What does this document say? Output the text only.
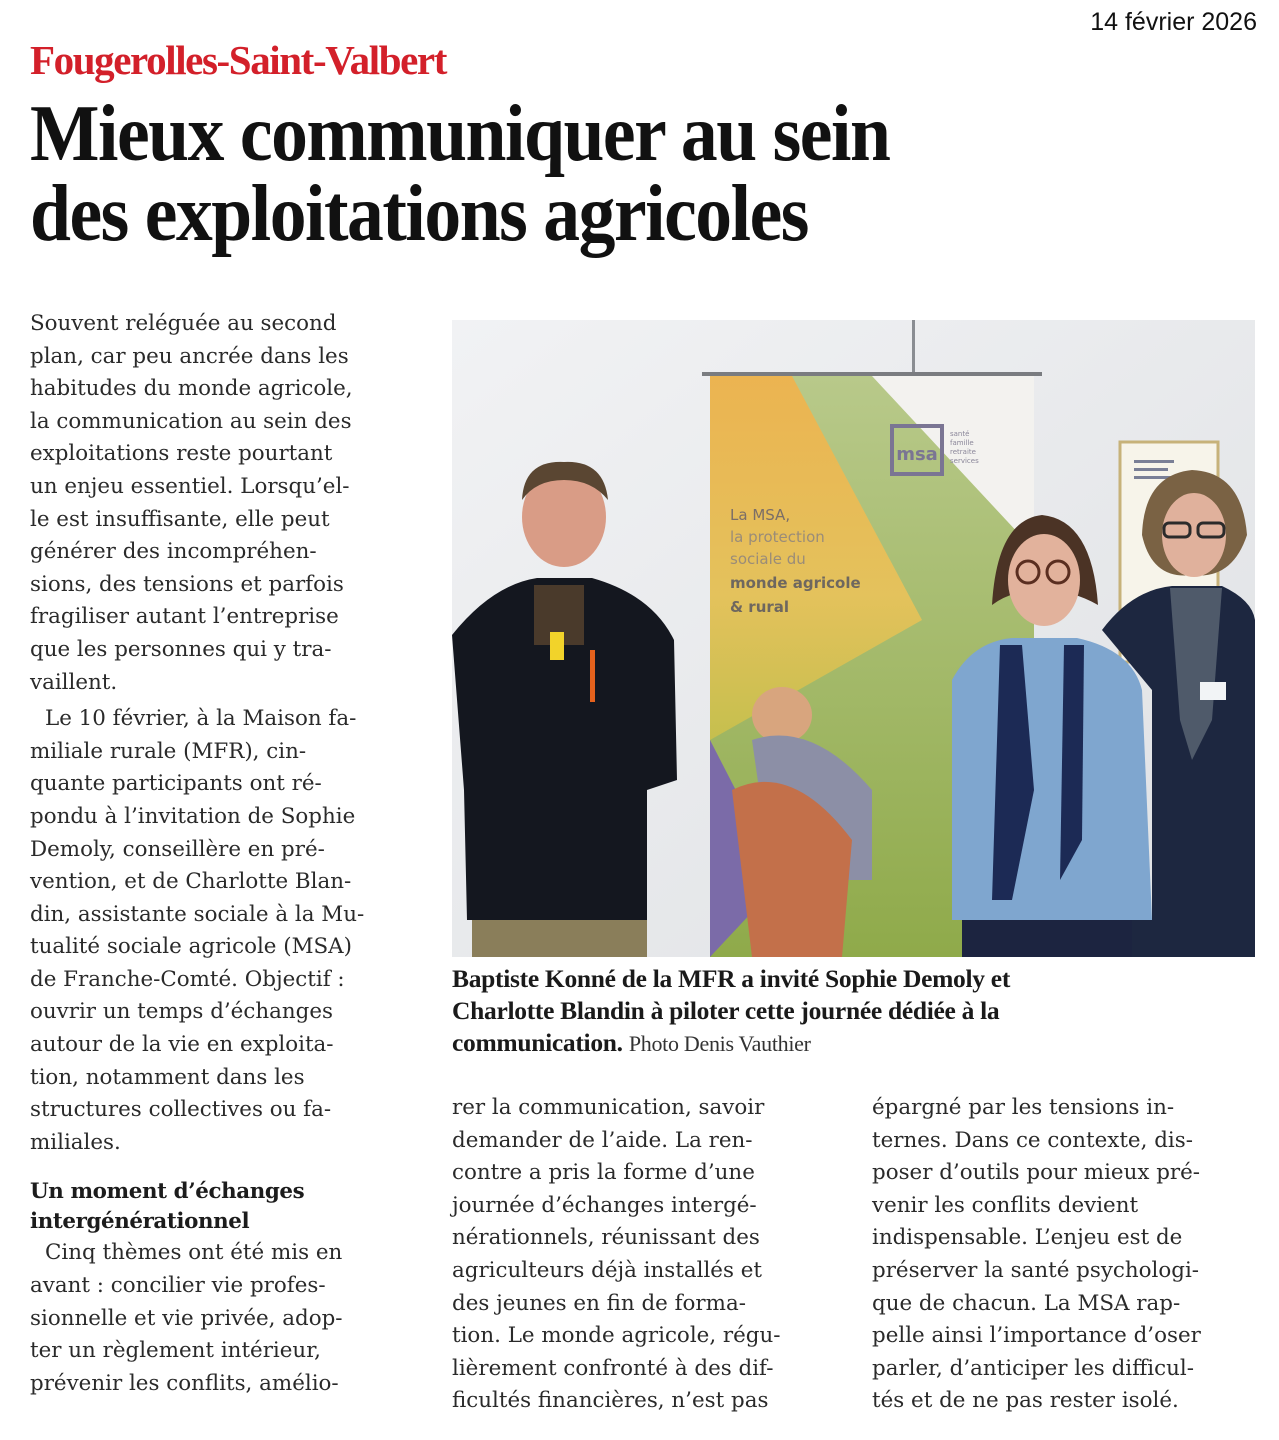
14 février 2026
Fougerolles-Saint-Valbert
Mieux communiquer au sein
des exploitations agricoles
Souvent reléguée au second
plan, car peu ancrée dans les
habitudes du monde agricole,
la communication au sein des
exploitations reste pourtant
un enjeu essentiel. Lorsqu’el-
le est insuffisante, elle peut
générer des incompréhen-
sions, des tensions et parfois
fragiliser autant l’entreprise
que les personnes qui y tra-
vaillent.
Le 10 février, à la Maison fa-
miliale rurale (MFR), cin-
quante participants ont ré-
pondu à l’invitation de Sophie
Demoly, conseillère en pré-
vention, et de Charlotte Blan-
din, assistante sociale à la Mu-
tualité sociale agricole (MSA)
de Franche-Comté. Objectif :
ouvrir un temps d’échanges
autour de la vie en exploita-
tion, notamment dans les
structures collectives ou fa-
miliales.
Un moment d’échanges
intergénérationnel
Cinq thèmes ont été mis en
avant : concilier vie profes-
sionnelle et vie privée, adop-
ter un règlement intérieur,
prévenir les conflits, amélio-
msa
santé
famille
retraite
services
La MSA,
la protection
sociale du
monde agricole
& rural
Baptiste Konné de la MFR a invité Sophie Demoly et
Charlotte Blandin à piloter cette journée dédiée à la
communication. Photo Denis Vauthier
rer la communication, savoir
demander de l’aide. La ren-
contre a pris la forme d’une
journée d’échanges intergé-
nérationnels, réunissant des
agriculteurs déjà installés et
des jeunes en fin de forma-
tion. Le monde agricole, régu-
lièrement confronté à des dif-
ficultés financières, n’est pas
épargné par les tensions in-
ternes. Dans ce contexte, dis-
poser d’outils pour mieux pré-
venir les conflits devient
indispensable. L’enjeu est de
préserver la santé psychologi-
que de chacun. La MSA rap-
pelle ainsi l’importance d’oser
parler, d’anticiper les difficul-
tés et de ne pas rester isolé.
